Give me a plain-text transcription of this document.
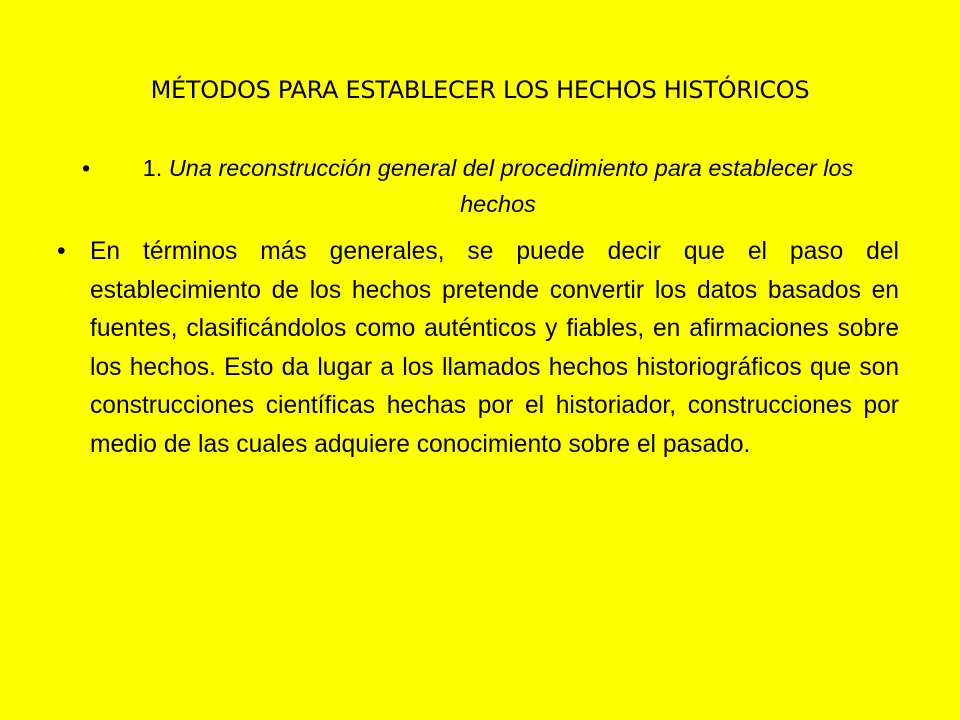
MÉTODOS PARA ESTABLECER LOS HECHOS HISTÓRICOS
•	1. Una reconstrucción general del procedimiento para establecer los hechos
• En términos más generales, se puede decir que el paso del establecimiento de los hechos pretende convertir los datos basados en fuentes, clasificándolos como auténticos y fiables, en afirmaciones sobre los hechos. Esto da lugar a los llamados hechos historiográficos que son construcciones científicas hechas por el historiador, construcciones por medio de las cuales adquiere conocimiento sobre el pasado.
